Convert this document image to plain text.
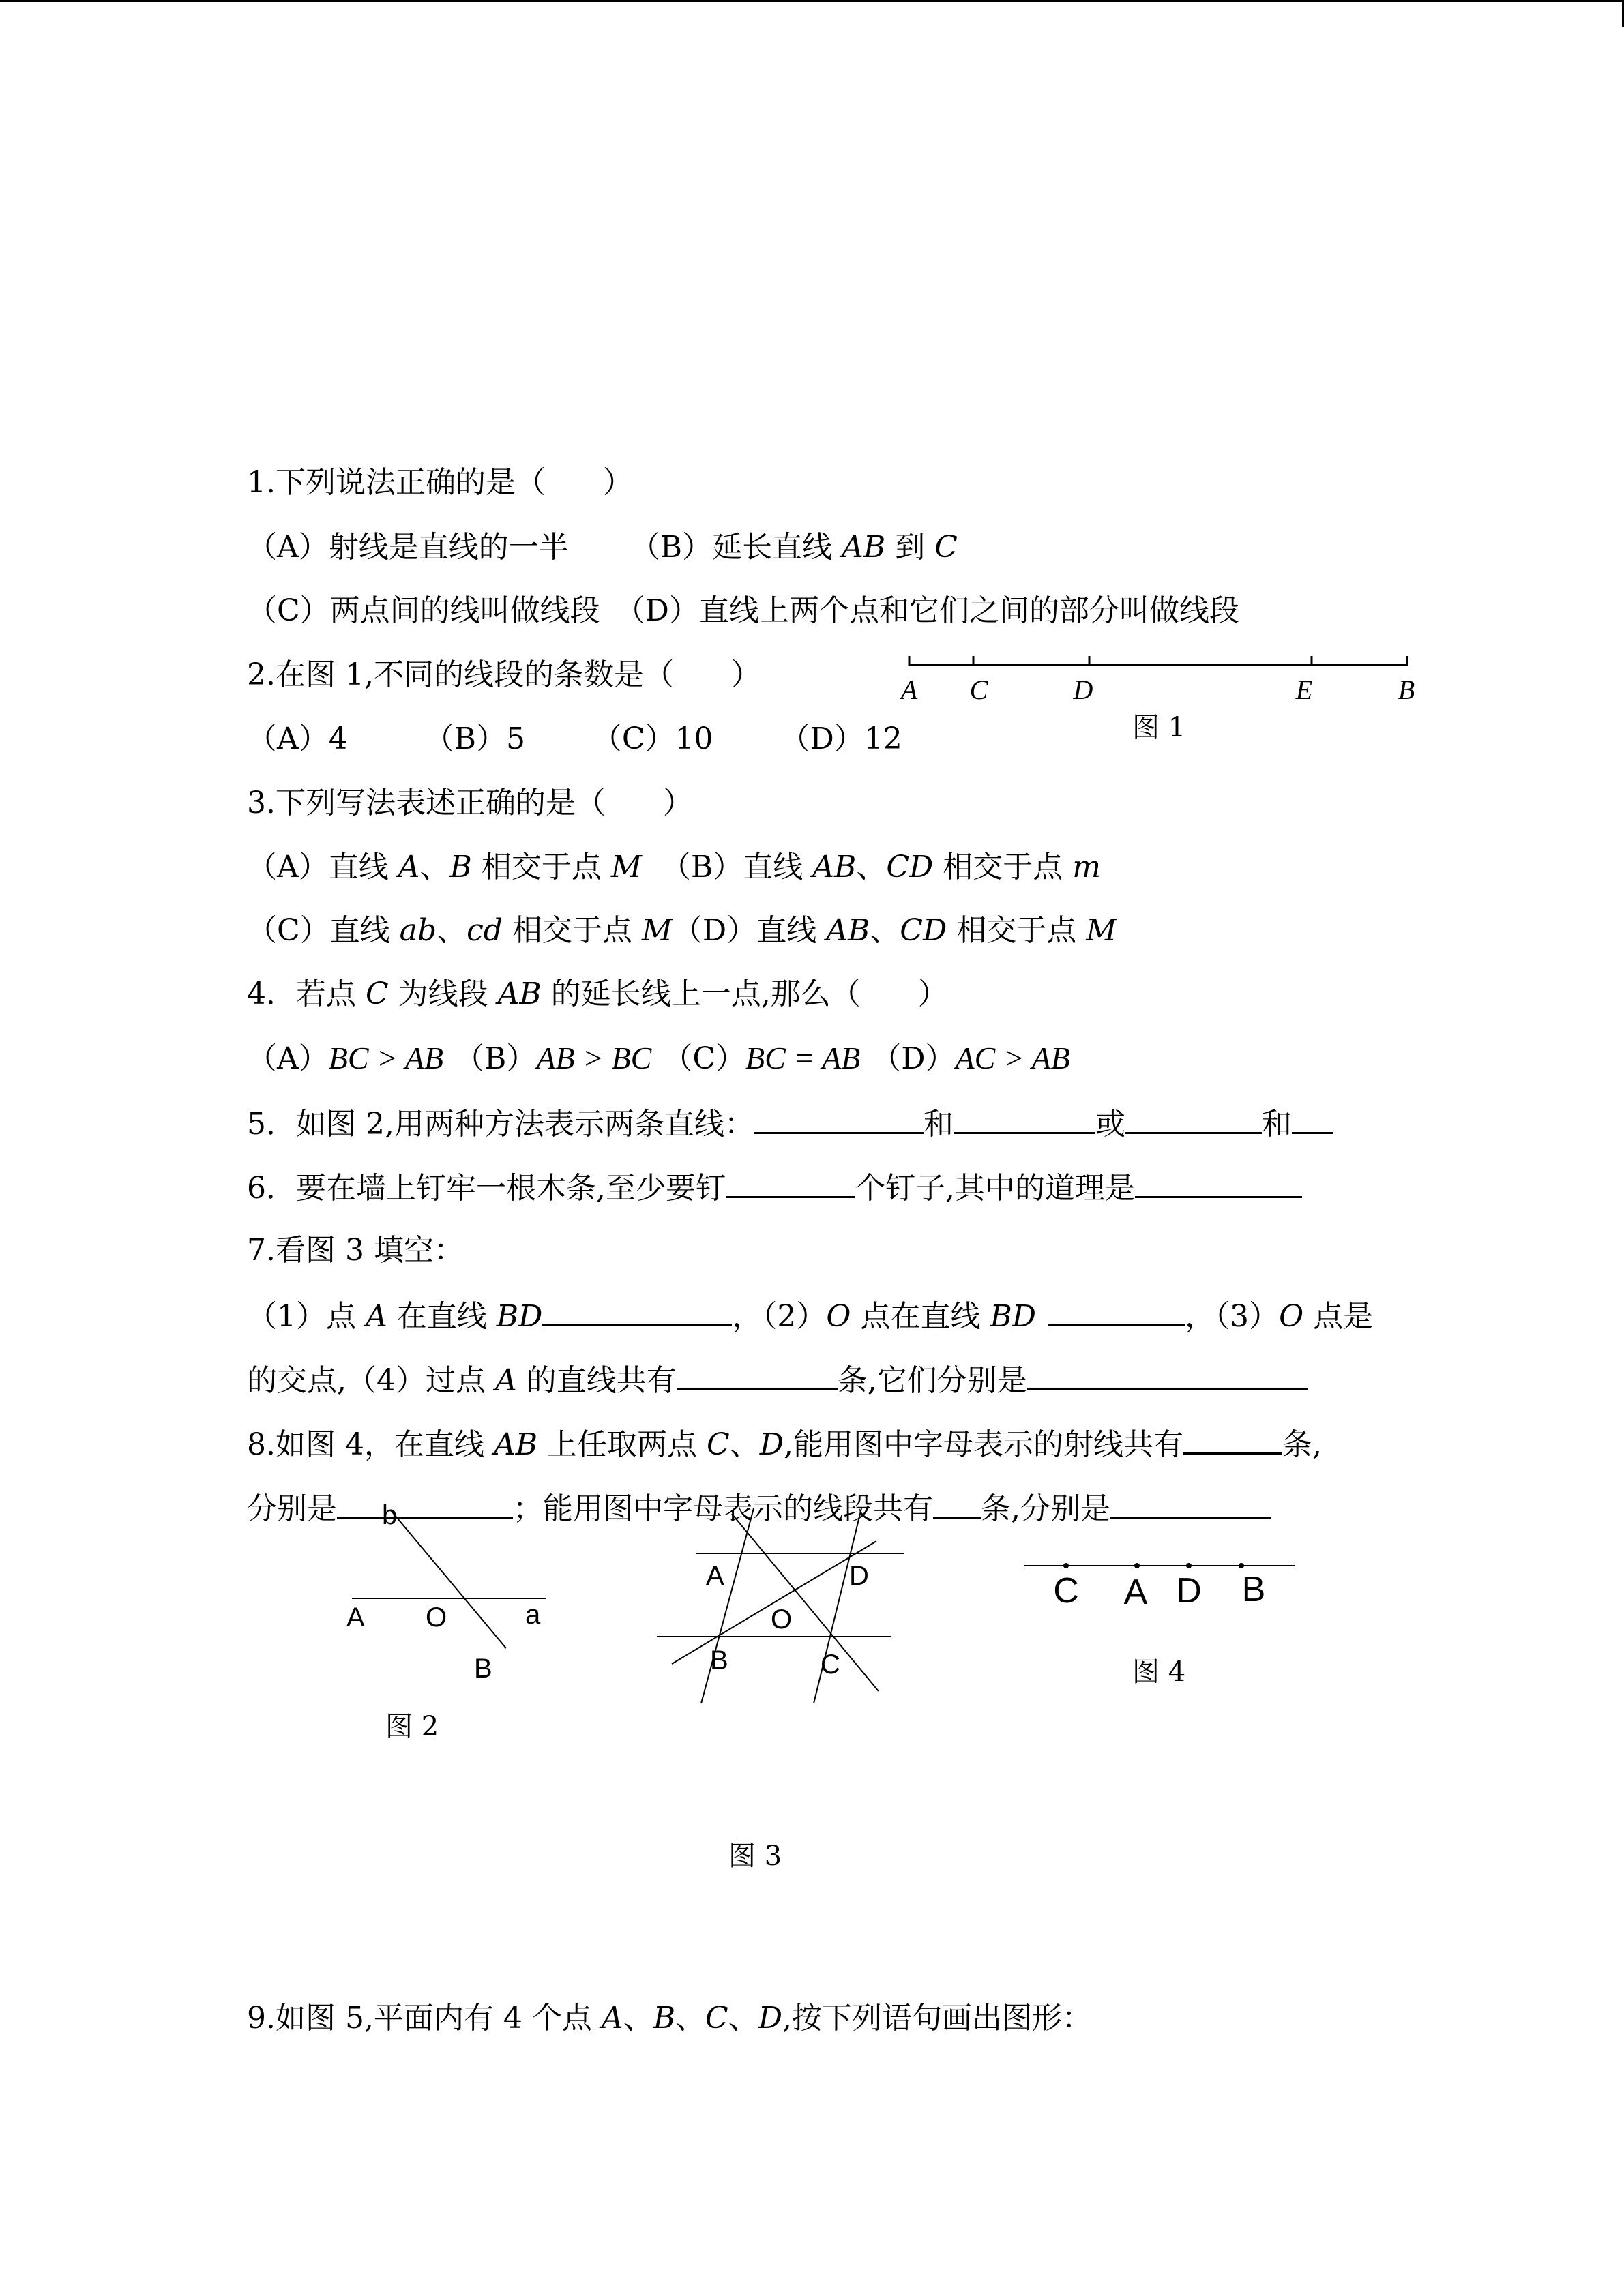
1.下列说法正确的是（      ）
（A）射线是直线的一半 （B）延长直线 AB 到 C
（C）两点间的线叫做线段 （D）直线上两个点和它们之间的部分叫做线段
2.在图 1,不同的线段的条数是（      ）
（A）4        （B）5       （C）10       （D）12
A C	D	E	B
图 1
3.下列写法表述正确的是（      ）
（A）直线 A、B 相交于点 M  （B）直线 AB、CD 相交于点 m
（C）直线 ab、cd 相交于点 M（D）直线 AB、CD 相交于点 M
4．若点 C 为线段 AB 的延长线上一点,那么（      ）
（A）BC > AB （B）AB > BC （C）BC = AB （D）AC > AB
5．如图 2,用两种方法表示两条直线：	和	或	和
6．要在墙上钉牢一根木条,至少要钉	个钉子,其中的道理是
7.看图 3 填空：
（1）点 A 在直线 BD	，（2）O 点在直线 BD	，（3）O 点是
的交点,（4）过点 A 的直线共有	条,它们分别是
8.如图 4，在直线 AB 上任取两点 C、D,能用图中字母表示的射线共有	条,
分别是	；能用图中字母表示的线段共有 条,分别是
b
A O	a
B
图 2
A	D
O
B	C
图 3
C A D B
图 4
9.如图 5,平面内有 4 个点 A、B、C、D,按下列语句画出图形：
